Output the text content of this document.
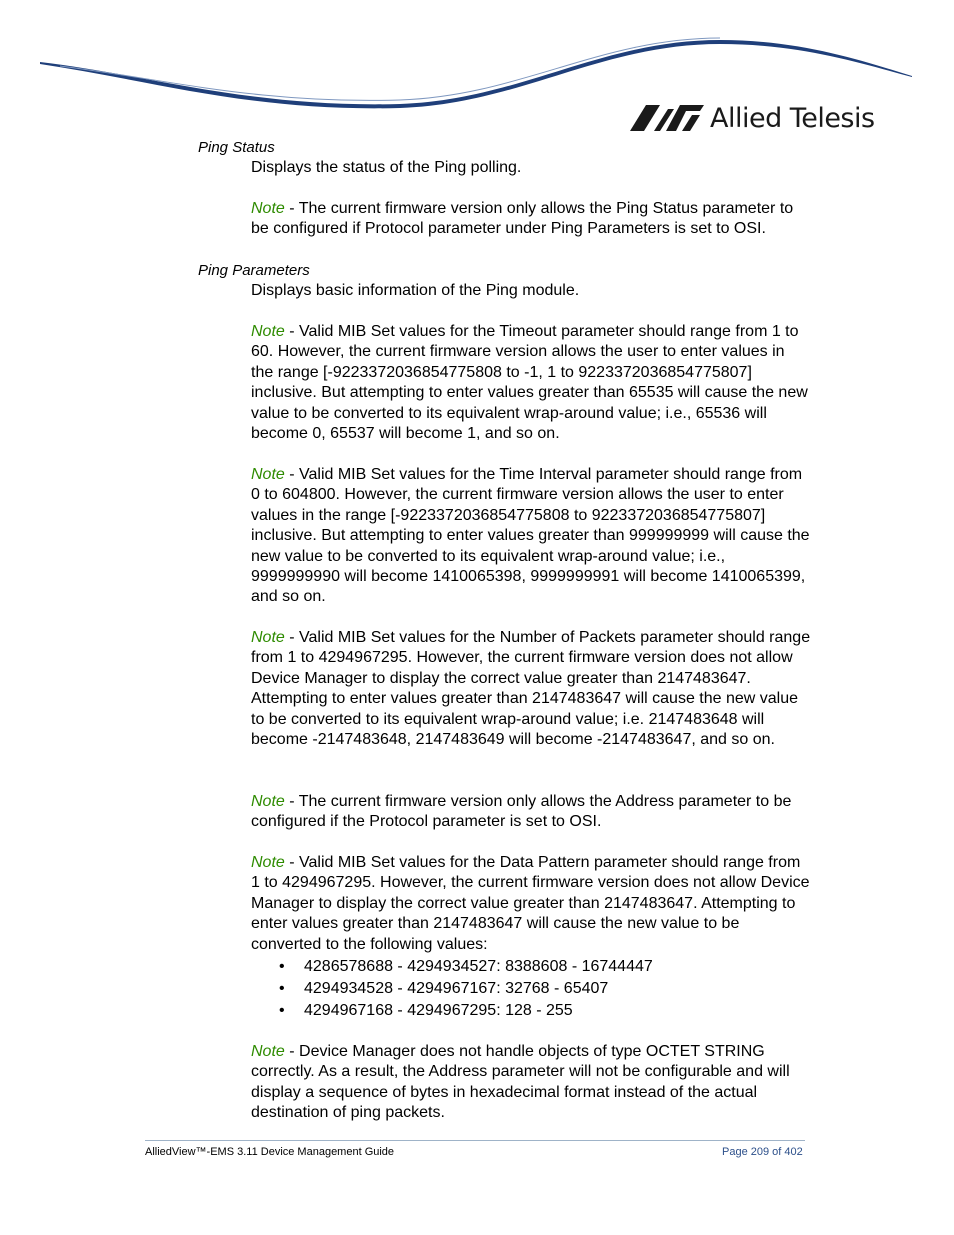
Allied Telesis
Ping Status
Displays the status of the Ping polling.
Note - The current firmware version only allows the Ping Status parameter to be configured if Protocol parameter under Ping Parameters is set to OSI.
Ping Parameters
Displays basic information of the Ping module.
Note - Valid MIB Set values for the Timeout parameter should range from 1 to 60. However, the current firmware version allows the user to enter values in the range [-9223372036854775808 to -1, 1 to 9223372036854775807] inclusive. But attempting to enter values greater than 65535 will cause the new value to be converted to its equivalent wrap-around value; i.e., 65536 will become 0, 65537 will become 1, and so on.
Note - Valid MIB Set values for the Time Interval parameter should range from 0 to 604800. However, the current firmware version allows the user to enter values in the range [-9223372036854775808 to 9223372036854775807] inclusive. But attempting to enter values greater than 999999999 will cause the new value to be converted to its equivalent wrap-around value; i.e., 9999999990 will become 1410065398, 9999999991 will become 1410065399, and so on.
Note - Valid MIB Set values for the Number of Packets parameter should range from 1 to 4294967295. However, the current firmware version does not allow Device Manager to display the correct value greater than 2147483647. Attempting to enter values greater than 2147483647 will cause the new value to be converted to its equivalent wrap-around value; i.e. 2147483648 will become -2147483648, 2147483649 will become -2147483647, and so on.
Note - The current firmware version only allows the Address parameter to be configured if the Protocol parameter is set to OSI.
Note - Valid MIB Set values for the Data Pattern parameter should range from 1 to 4294967295. However, the current firmware version does not allow Device Manager to display the correct value greater than 2147483647. Attempting to enter values greater than 2147483647 will cause the new value to be converted to the following values:
• 4286578688 - 4294934527: 8388608 - 16744447
• 4294934528 - 4294967167: 32768 - 65407
• 4294967168 - 4294967295: 128 - 255
Note - Device Manager does not handle objects of type OCTET STRING correctly. As a result, the Address parameter will not be configurable and will display a sequence of bytes in hexadecimal format instead of the actual destination of ping packets.
AlliedView™-EMS 3.11 Device Management Guide	Page 209 of 402
